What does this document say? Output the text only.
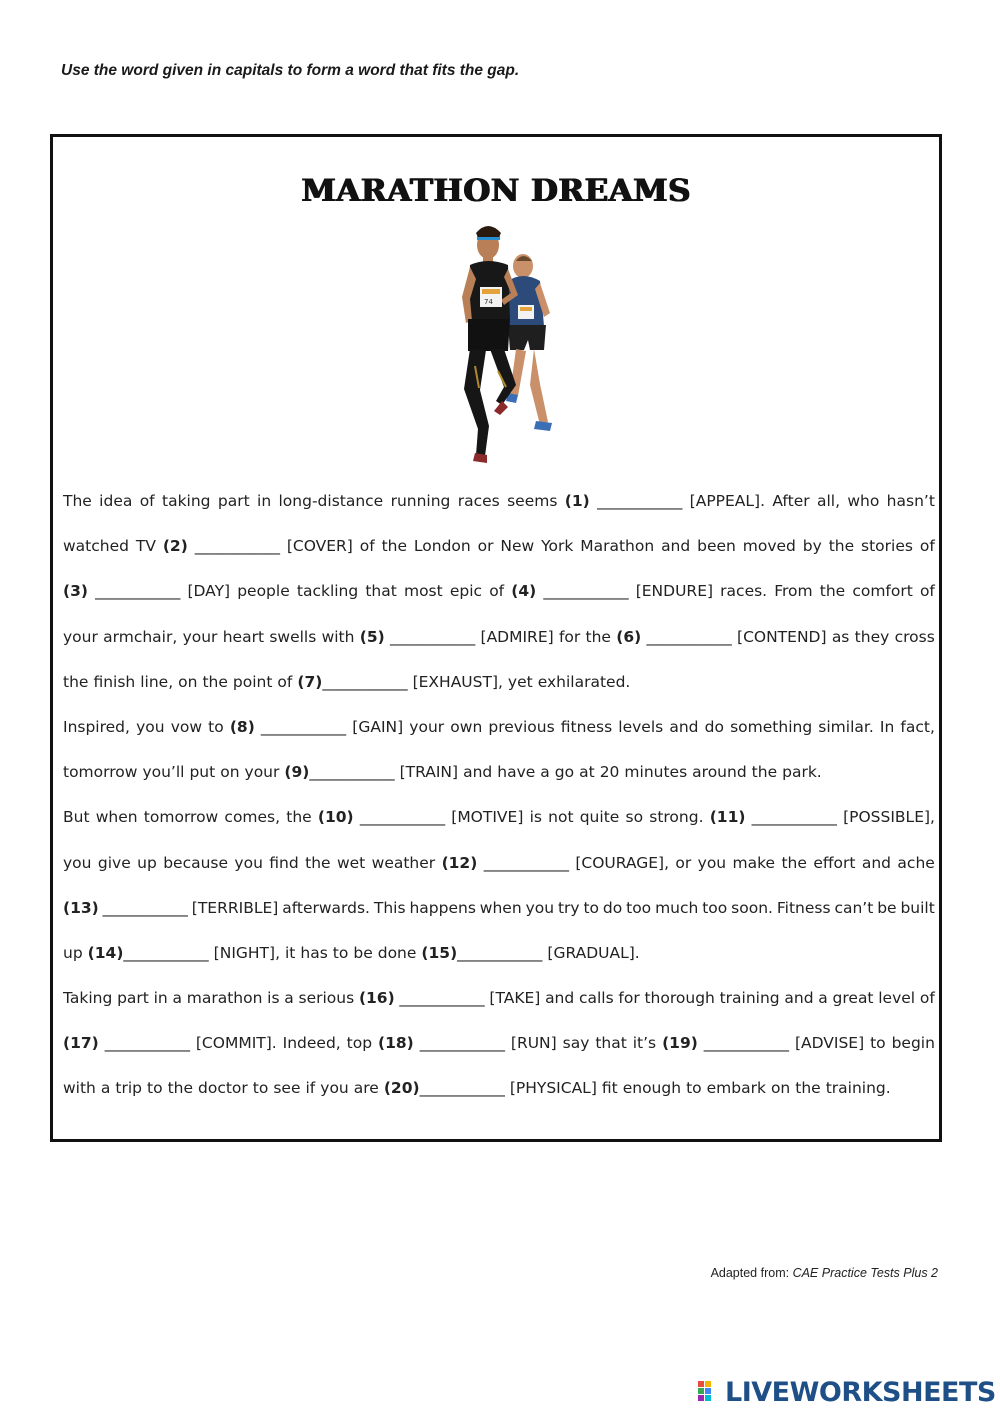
Use the word given in capitals to form a word that fits the gap.
MARATHON DREAMS
74
The idea of taking part in long-distance running races seems (1) ___________ [APPEAL]. After all, who hasn’t
watched TV (2) ___________ [COVER] of the London or New York Marathon and been moved by the stories of
(3) ___________ [DAY] people tackling that most epic of (4) ___________ [ENDURE] races. From the comfort of
your armchair, your heart swells with (5) ___________ [ADMIRE] for the (6) ___________ [CONTEND] as they cross
the finish line, on the point of (7) ___________ [EXHAUST], yet exhilarated.
Inspired, you vow to (8) ___________ [GAIN] your own previous fitness levels and do something similar. In fact,
tomorrow you’ll put on your (9) ___________ [TRAIN] and have a go at 20 minutes around the park.
But when tomorrow comes, the (10) ___________ [MOTIVE] is not quite so strong. (11) ___________ [POSSIBLE],
you give up because you find the wet weather (12) ___________ [COURAGE], or you make the effort and ache
(13) ___________ [TERRIBLE] afterwards. This happens when you try to do too much too soon. Fitness can’t be built
up (14) ___________ [NIGHT], it has to be done (15) ___________ [GRADUAL].
Taking part in a marathon is a serious (16) ___________ [TAKE] and calls for thorough training and a great level of
(17) ___________ [COMMIT]. Indeed, top (18) ___________ [RUN] say that it’s (19) ___________ [ADVISE] to begin
with a trip to the doctor to see if you are (20) ___________ [PHYSICAL] fit enough to embark on the training.
Adapted from: CAE Practice Tests Plus 2
LIVEWORKSHEETS
